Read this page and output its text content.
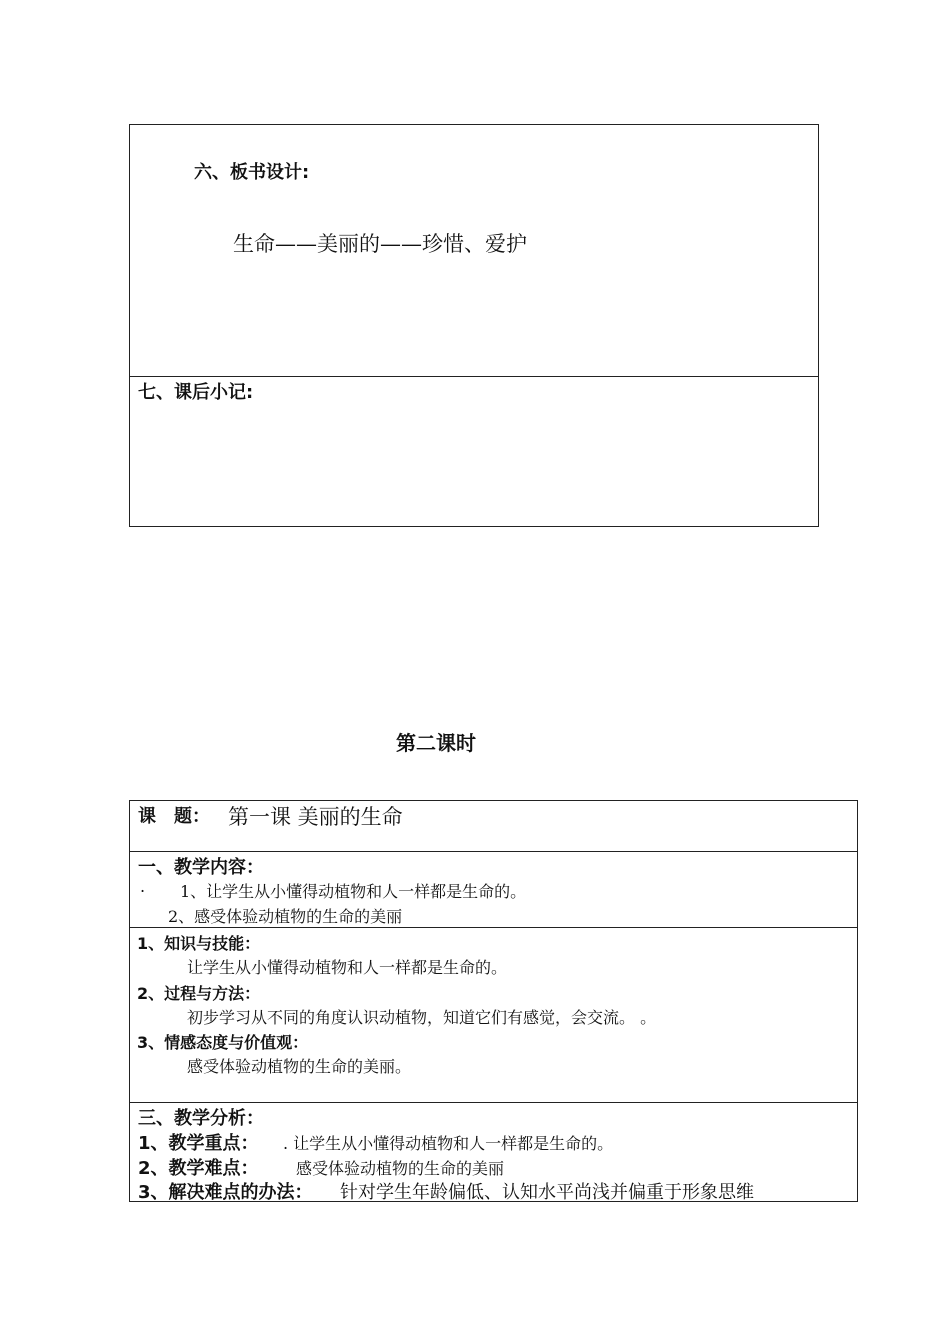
六、板书设计:
生命——美丽的——珍惜、爱护
七、课后小记:
第二课时
课　题： 第一课 美丽的生命
一、教学内容：
. 1、让学生从小懂得动植物和人一样都是生命的。
2、感受体验动植物的生命的美丽
1、知识与技能：
让学生从小懂得动植物和人一样都是生命的。
2、过程与方法：
初步学习从不同的角度认识动植物，知道它们有感觉，会交流。 。
3、情感态度与价值观：
感受体验动植物的生命的美丽。
三、教学分析：
1、教学重点： . 让学生从小懂得动植物和人一样都是生命的。
2、教学难点： 感受体验动植物的生命的美丽
3、解决难点的办法： 针对学生年龄偏低、认知水平尚浅并偏重于形象思维
